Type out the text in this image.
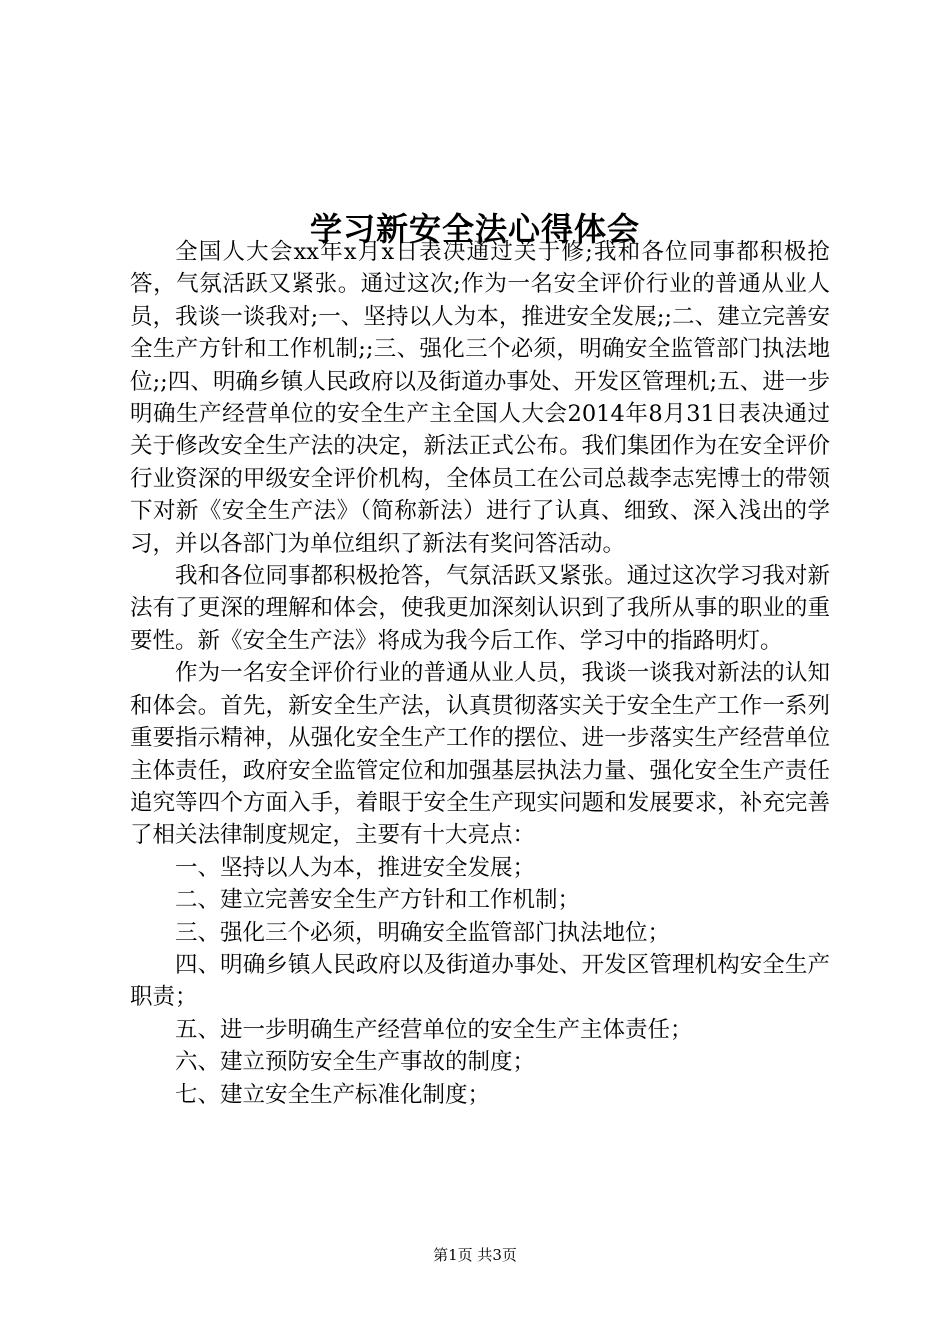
学习新安全法心得体会

全国人大会xx年x月x日表决通过关于修;我和各位同事都积极抢答，气氛活跃又紧张。通过这次;作为一名安全评价行业的普通从业人员，我谈一谈我对;一、坚持以人为本，推进安全发展;;二、建立完善安全生产方针和工作机制;;三、强化三个必须，明确安全监管部门执法地位;;四、明确乡镇人民政府以及街道办事处、开发区管理机;五、进一步明确生产经营单位的安全生产主全国人大会2014年8月31日表决通过关于修改安全生产法的决定，新法正式公布。我们集团作为在安全评价行业资深的甲级安全评价机构，全体员工在公司总裁李志宪博士的带领下对新《安全生产法》（简称新法）进行了认真、细致、深入浅出的学习，并以各部门为单位组织了新法有奖问答活动。

我和各位同事都积极抢答，气氛活跃又紧张。通过这次学习我对新法有了更深的理解和体会，使我更加深刻认识到了我所从事的职业的重要性。新《安全生产法》将成为我今后工作、学习中的指路明灯。

作为一名安全评价行业的普通从业人员，我谈一谈我对新法的认知和体会。首先，新安全生产法，认真贯彻落实关于安全生产工作一系列重要指示精神，从强化安全生产工作的摆位、进一步落实生产经营单位主体责任，政府安全监管定位和加强基层执法力量、强化安全生产责任追究等四个方面入手，着眼于安全生产现实问题和发展要求，补充完善了相关法律制度规定，主要有十大亮点：

一、坚持以人为本，推进安全发展；

二、建立完善安全生产方针和工作机制；

三、强化三个必须，明确安全监管部门执法地位；

四、明确乡镇人民政府以及街道办事处、开发区管理机构安全生产职责；

五、进一步明确生产经营单位的安全生产主体责任；

六、建立预防安全生产事故的制度；

七、建立安全生产标准化制度；

第1页 共3页
